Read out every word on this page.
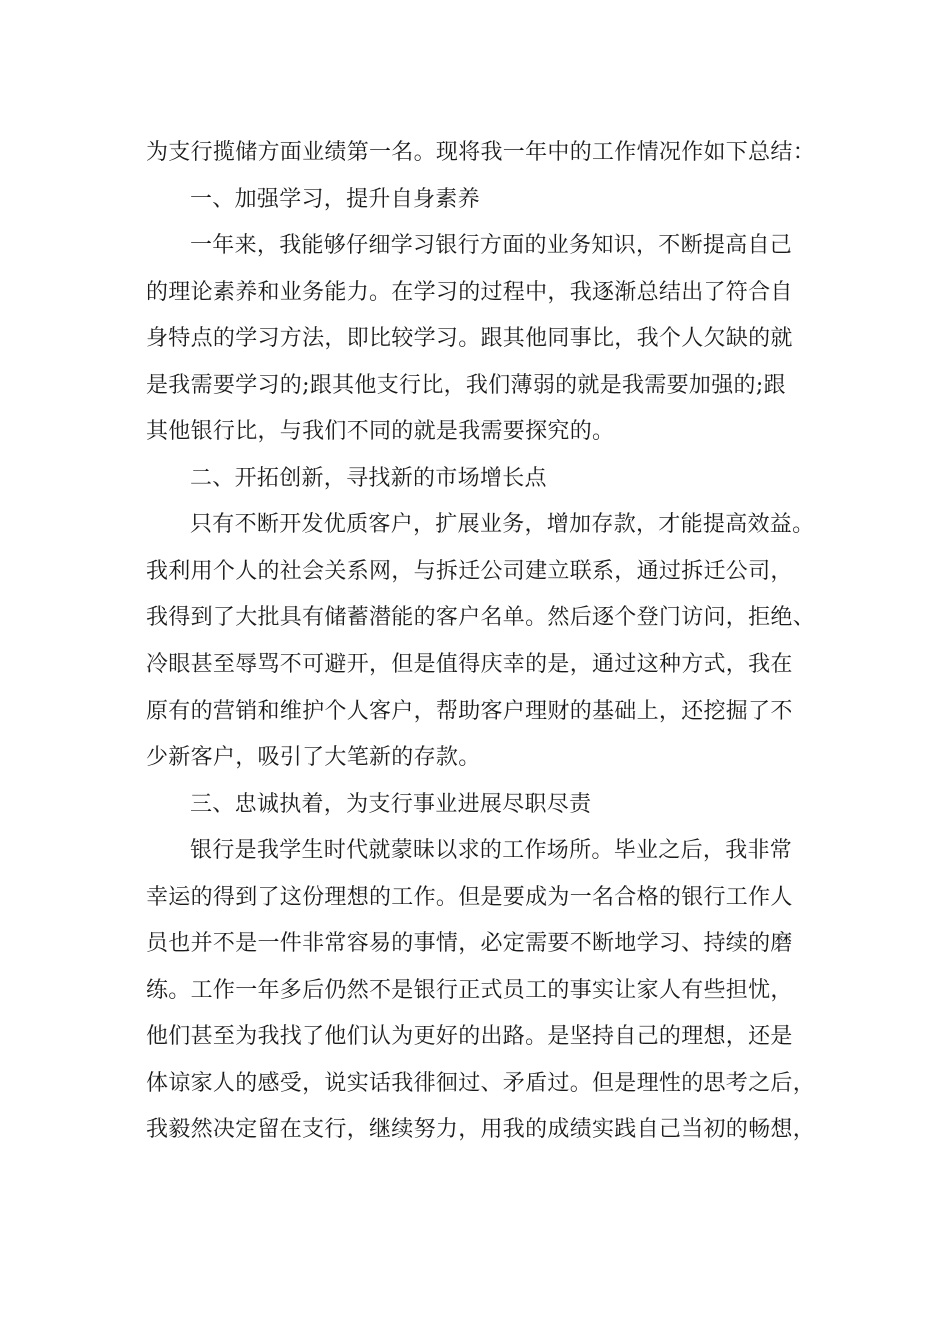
为支行揽储方面业绩第一名。现将我一年中的工作情况作如下总结：
一、加强学习，提升自身素养
一年来，我能够仔细学习银行方面的业务知识，不断提高自己
的理论素养和业务能力。在学习的过程中，我逐渐总结出了符合自
身特点的学习方法，即比较学习。跟其他同事比，我个人欠缺的就
是我需要学习的;跟其他支行比，我们薄弱的就是我需要加强的;跟
其他银行比，与我们不同的就是我需要探究的。
二、开拓创新，寻找新的市场增长点
只有不断开发优质客户，扩展业务，增加存款，才能提高效益。
我利用个人的社会关系网，与拆迁公司建立联系，通过拆迁公司，
我得到了大批具有储蓄潜能的客户名单。然后逐个登门访问，拒绝、
冷眼甚至辱骂不可避开，但是值得庆幸的是，通过这种方式，我在
原有的营销和维护个人客户，帮助客户理财的基础上，还挖掘了不
少新客户，吸引了大笔新的存款。
三、忠诚执着，为支行事业进展尽职尽责
银行是我学生时代就蒙昧以求的工作场所。毕业之后，我非常
幸运的得到了这份理想的工作。但是要成为一名合格的银行工作人
员也并不是一件非常容易的事情，必定需要不断地学习、持续的磨
练。工作一年多后仍然不是银行正式员工的事实让家人有些担忧，
他们甚至为我找了他们认为更好的出路。是坚持自己的理想，还是
体谅家人的感受，说实话我徘徊过、矛盾过。但是理性的思考之后，
我毅然决定留在支行，继续努力，用我的成绩实践自己当初的畅想，
